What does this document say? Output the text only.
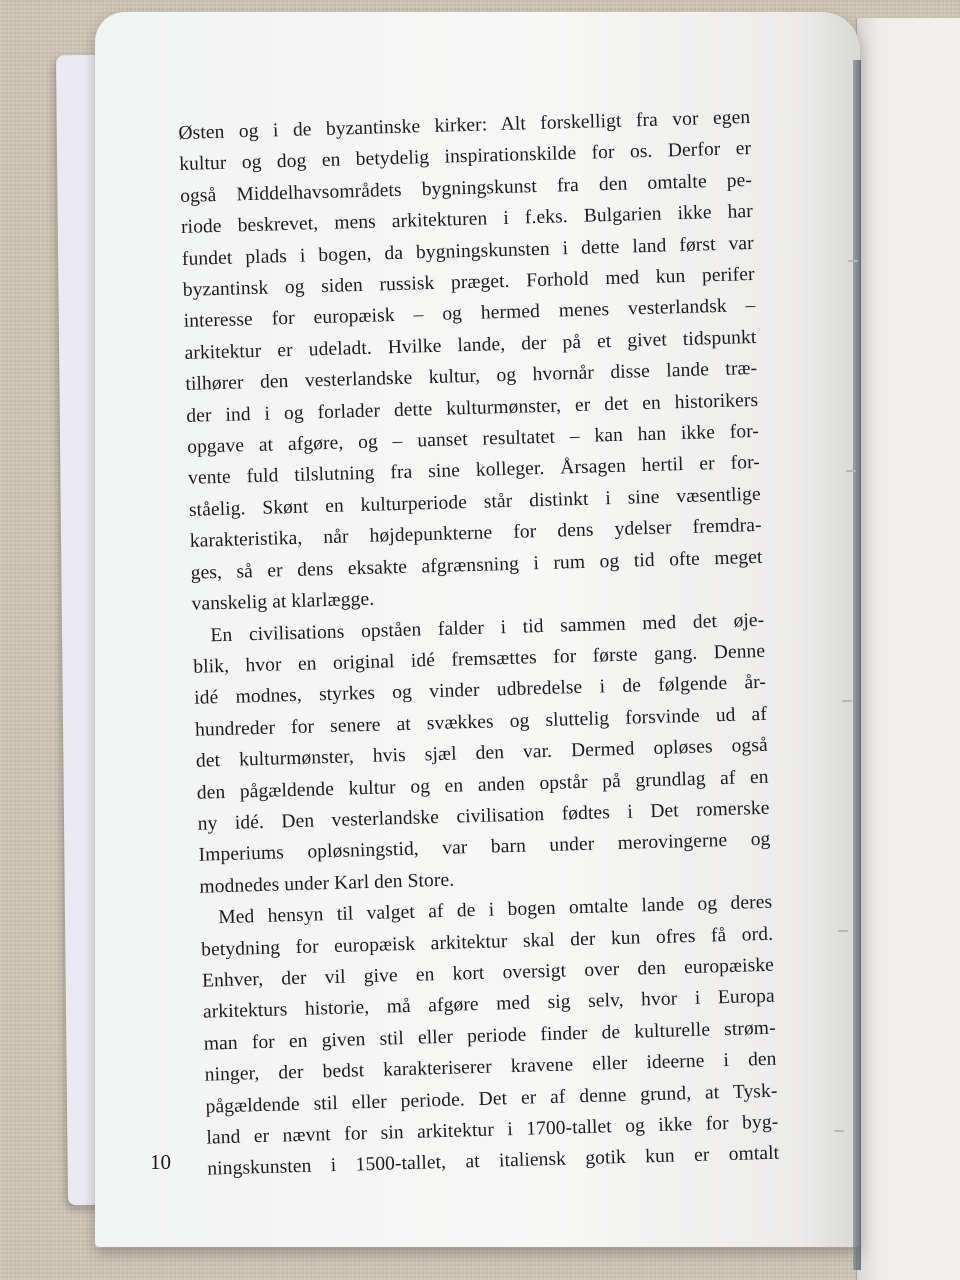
Østen og i de byzantinske kirker: Alt forskelligt fra vor egen
kultur og dog en betydelig inspirationskilde for os. Derfor er
også Middelhavsområdets bygningskunst fra den omtalte pe-
riode beskrevet, mens arkitekturen i f.eks. Bulgarien ikke har
fundet plads i bogen, da bygningskunsten i dette land først var
byzantinsk og siden russisk præget. Forhold med kun perifer
interesse for europæisk – og hermed menes vesterlandsk –
arkitektur er udeladt. Hvilke lande, der på et givet tidspunkt
tilhører den vesterlandske kultur, og hvornår disse lande træ-
der ind i og forlader dette kulturmønster, er det en historikers
opgave at afgøre, og – uanset resultatet – kan han ikke for-
vente fuld tilslutning fra sine kolleger. Årsagen hertil er for-
ståelig. Skønt en kulturperiode står distinkt i sine væsentlige
karakteristika, når højdepunkterne for dens ydelser fremdra-
ges, så er dens eksakte afgrænsning i rum og tid ofte meget
vanskelig at klarlægge.
En civilisations opståen falder i tid sammen med det øje-
blik, hvor en original idé fremsættes for første gang. Denne
idé modnes, styrkes og vinder udbredelse i de følgende år-
hundreder for senere at svækkes og sluttelig forsvinde ud af
det kulturmønster, hvis sjæl den var. Dermed opløses også
den pågældende kultur og en anden opstår på grundlag af en
ny idé. Den vesterlandske civilisation fødtes i Det romerske
Imperiums opløsningstid, var barn under merovingerne og
modnedes under Karl den Store.
Med hensyn til valget af de i bogen omtalte lande og deres
betydning for europæisk arkitektur skal der kun ofres få ord.
Enhver, der vil give en kort oversigt over den europæiske
arkitekturs historie, må afgøre med sig selv, hvor i Europa
man for en given stil eller periode finder de kulturelle strøm-
ninger, der bedst karakteriserer kravene eller ideerne i den
pågældende stil eller periode. Det er af denne grund, at Tysk-
land er nævnt for sin arkitektur i 1700-tallet og ikke for byg-
ningskunsten i 1500-tallet, at italiensk gotik kun er omtalt
10
